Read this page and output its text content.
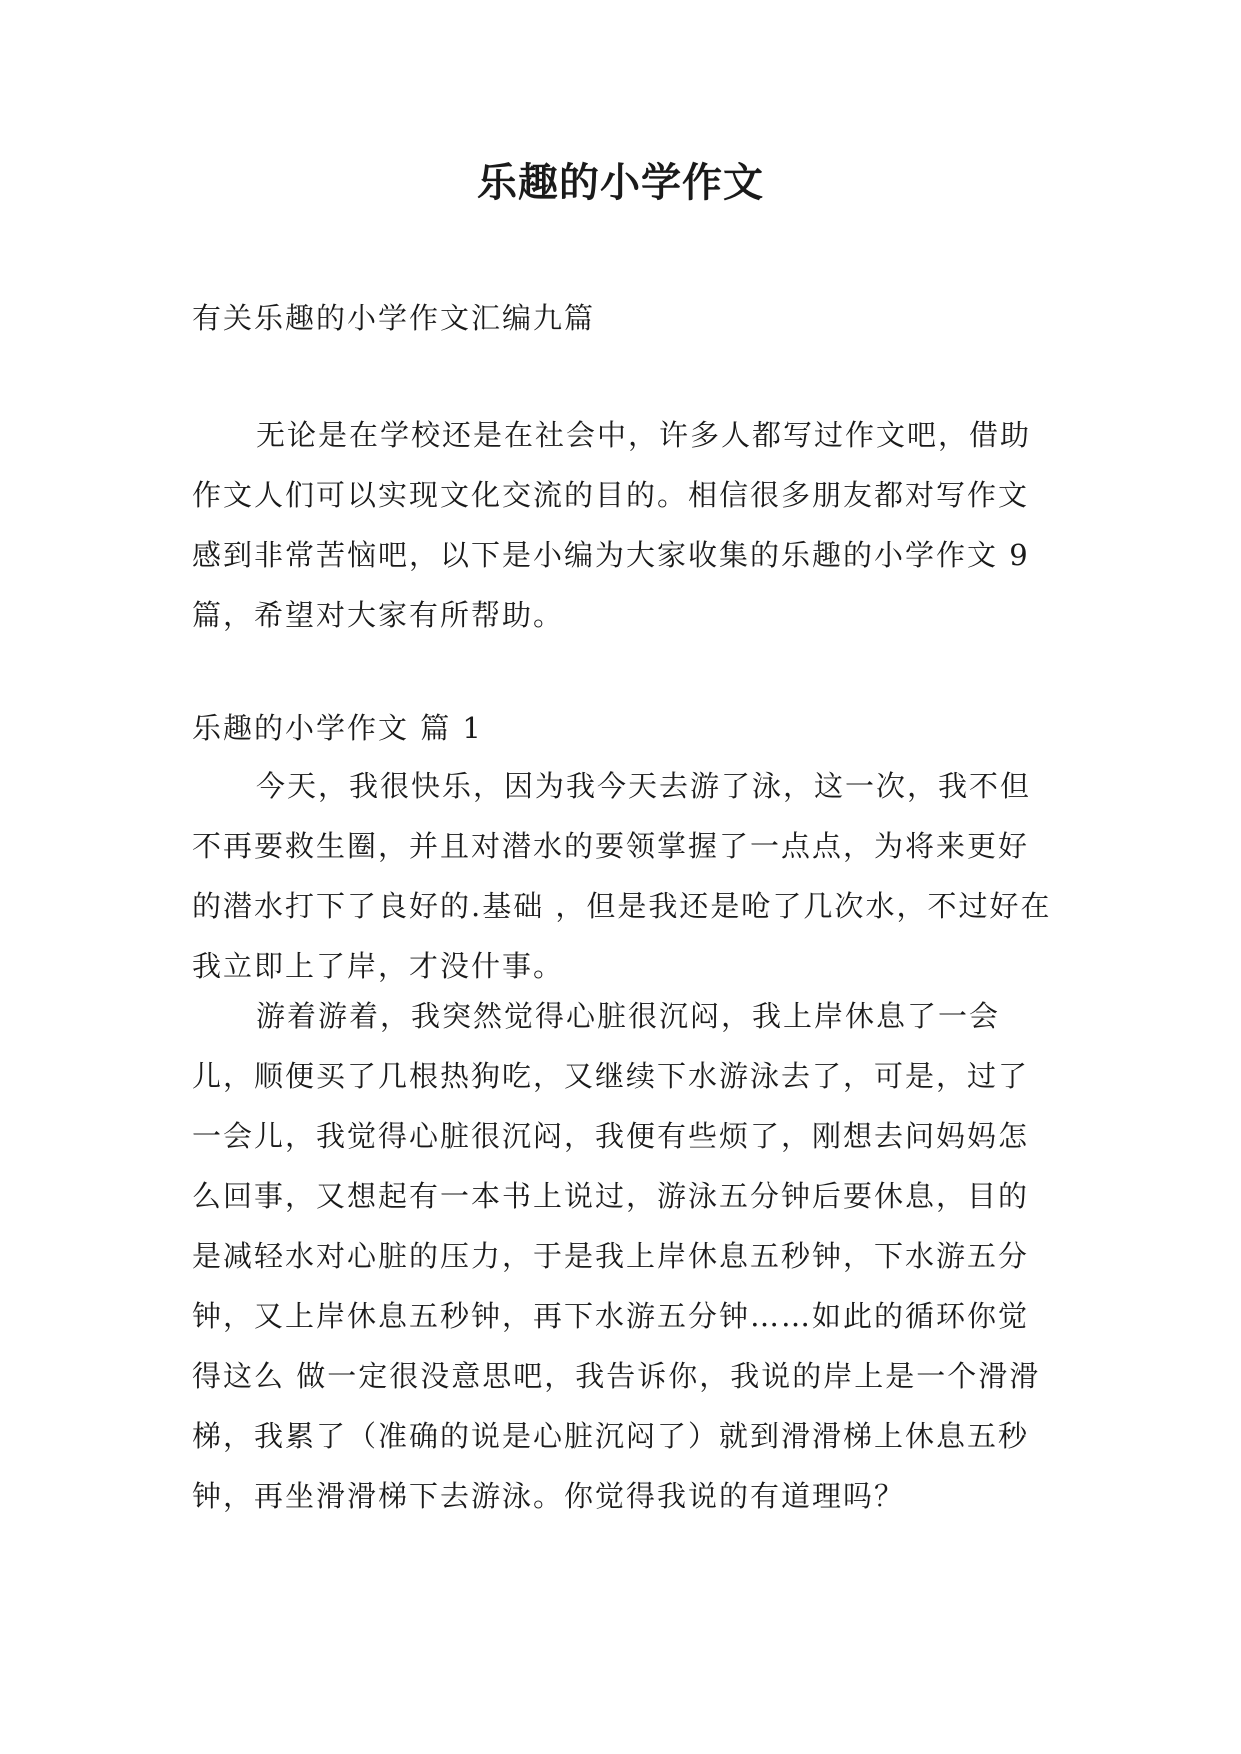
乐趣的小学作文

有关乐趣的小学作文汇编九篇

无论是在学校还是在社会中，许多人都写过作文吧，借助作文人们可以实现文化交流的目的。相信很多朋友都对写作文感到非常苦恼吧，以下是小编为大家收集的乐趣的小学作文 9 篇，希望对大家有所帮助。

乐趣的小学作文 篇 1

今天，我很快乐，因为我今天去游了泳，这一次，我不但不再要救生圈，并且对潜水的要领掌握了一点点，为将来更好的潜水打下了良好的.基础 ，但是我还是呛了几次水，不过好在我立即上了岸，才没什事。

游着游着，我突然觉得心脏很沉闷，我上岸休息了一会儿，顺便买了几根热狗吃，又继续下水游泳去了，可是，过了一会儿，我觉得心脏很沉闷，我便有些烦了，刚想去问妈妈怎么回事，又想起有一本书上说过，游泳五分钟后要休息，目的是减轻水对心脏的压力，于是我上岸休息五秒钟，下水游五分钟，又上岸休息五秒钟，再下水游五分钟……如此的循环你觉得这么 做一定很没意思吧，我告诉你，我说的岸上是一个滑滑梯，我累了（准确的说是心脏沉闷了）就到滑滑梯上休息五秒钟，再坐滑滑梯下去游泳。你觉得我说的有道理吗？
